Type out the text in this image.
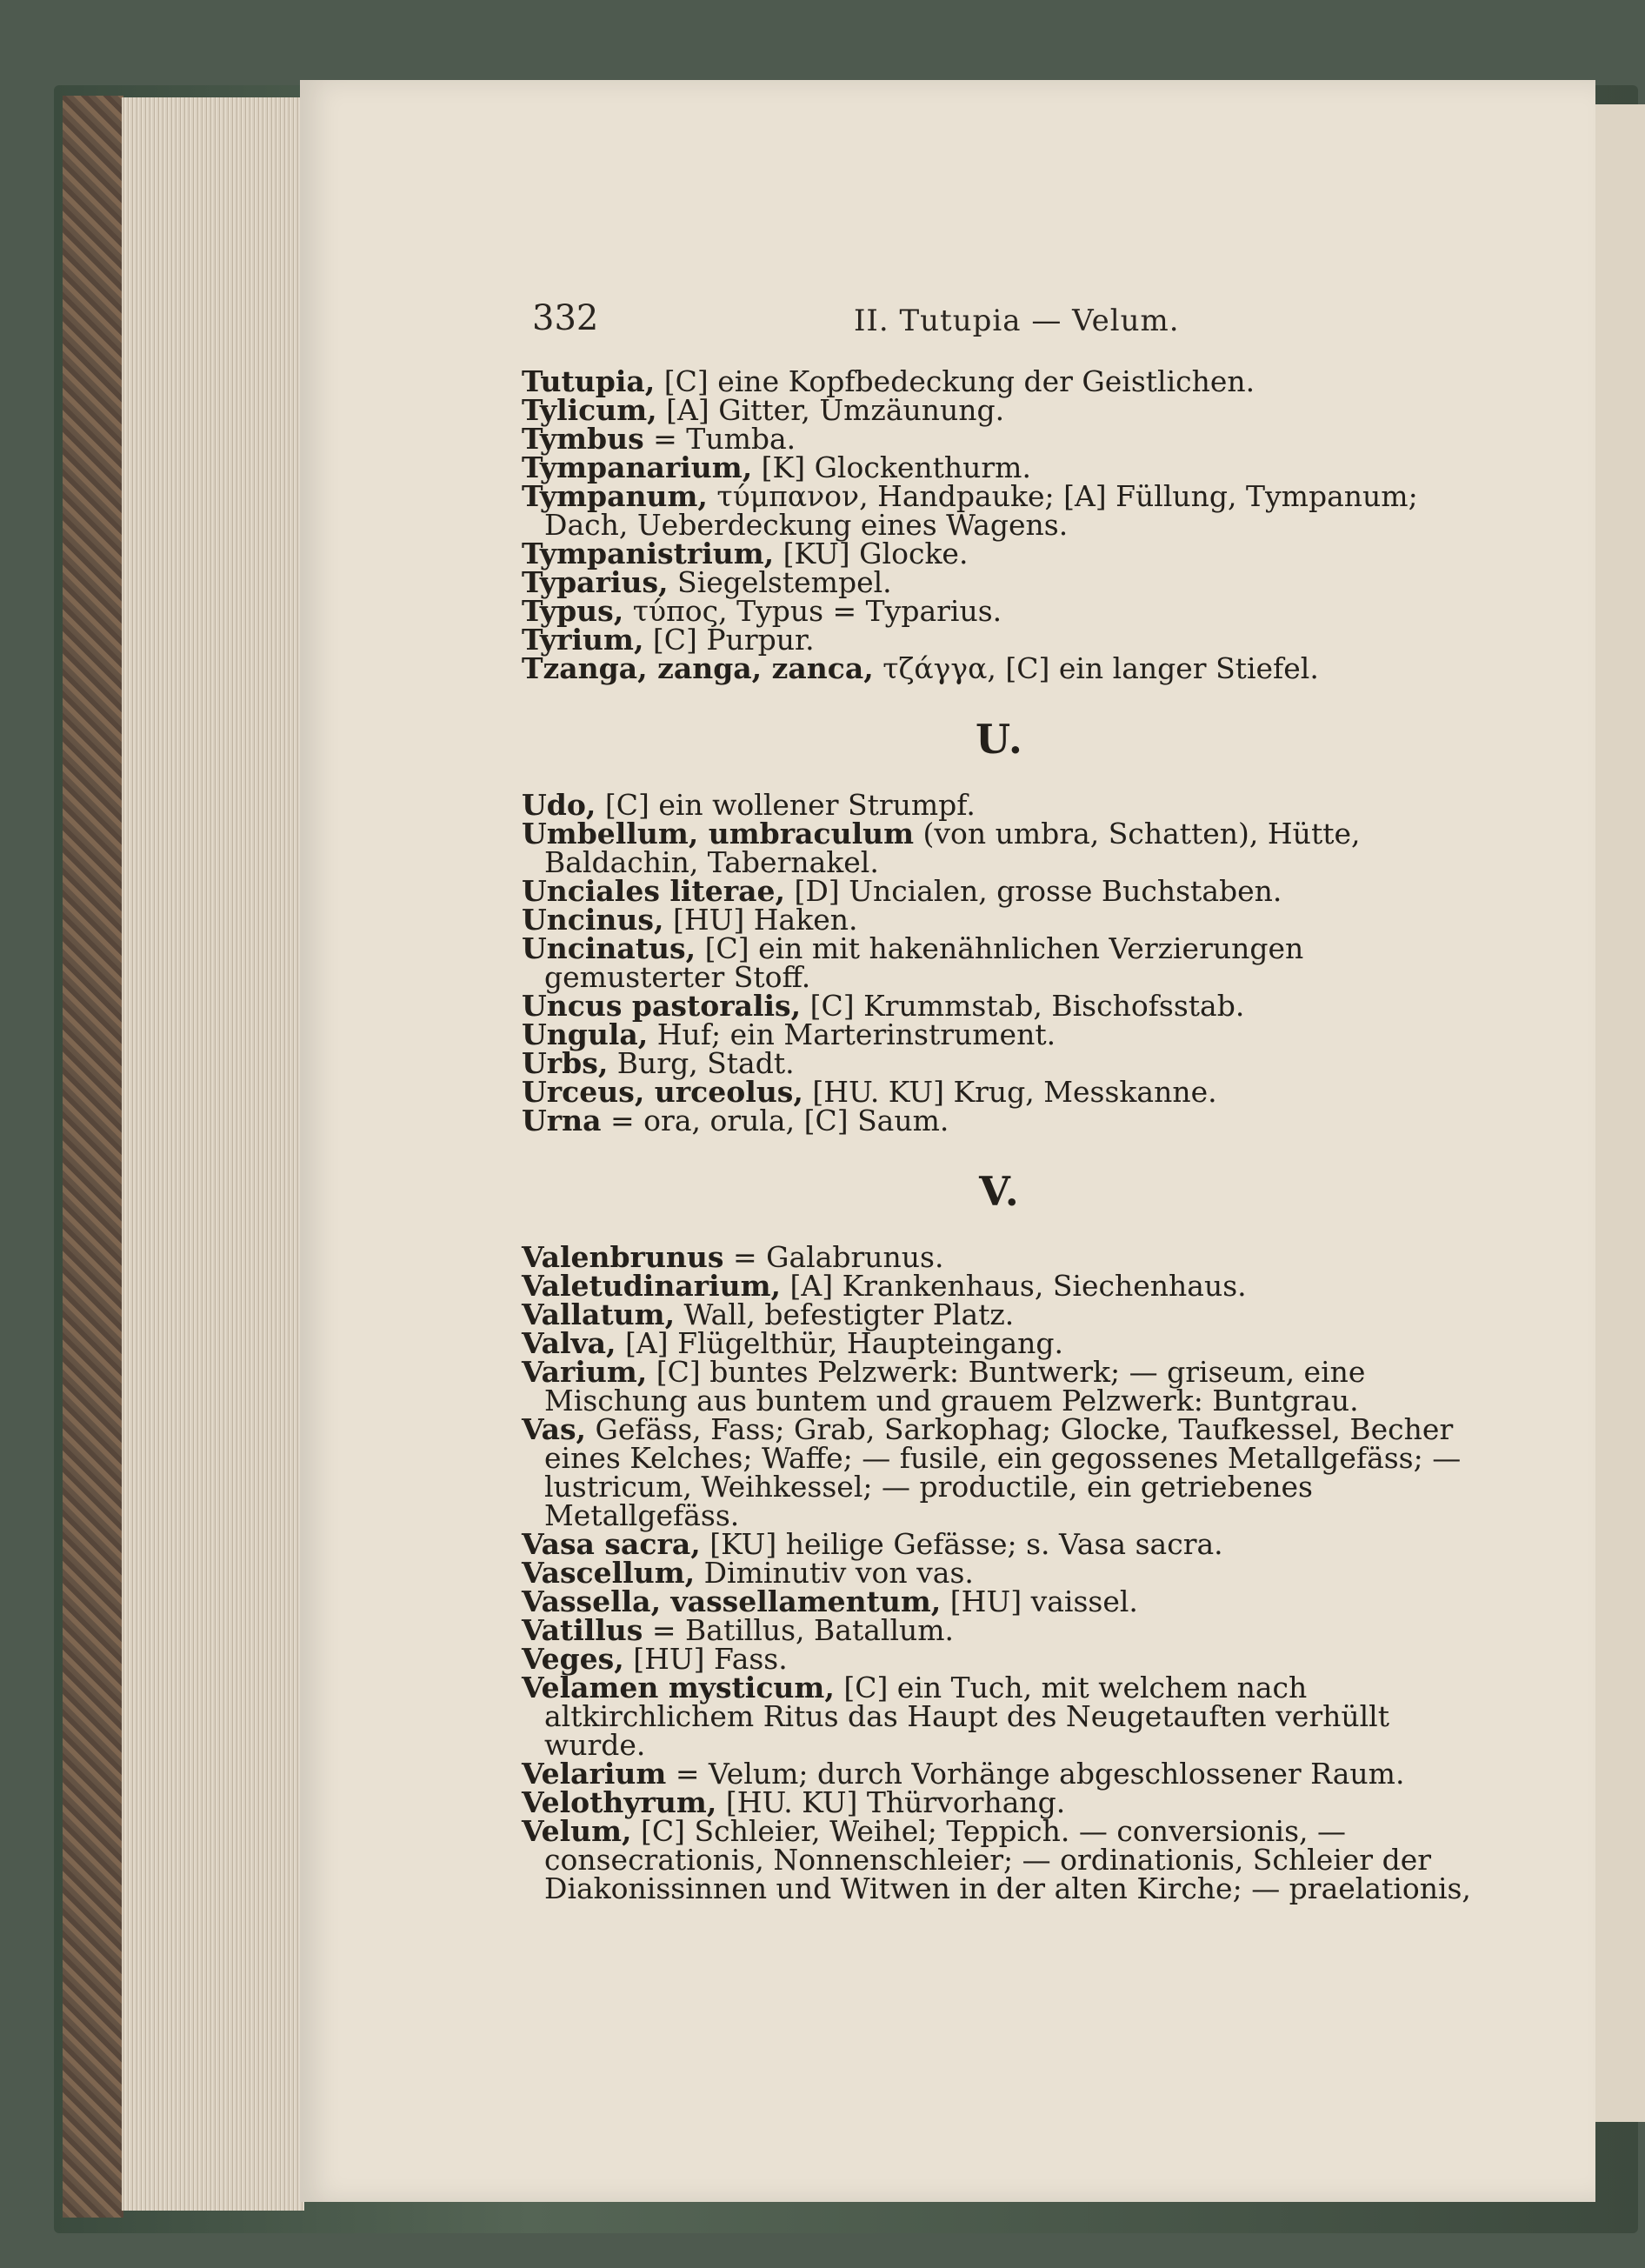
332	II. Tutupia — Velum.

Tutupia, [C] eine Kopfbedeckung der Geistlichen.

Tylicum, [A] Gitter, Umzäunung.

Tymbus = Tumba.

Tympanarium, [K] Glockenthurm.

Tympanum, τύμπανον, Handpauke; [A] Füllung, Tympanum; Dach, Ueberdeckung eines Wagens.

Tympanistrium, [KU] Glocke.

Typarius, Siegelstempel.

Typus, τύπος, Typus = Typarius.

Tyrium, [C] Purpur.

Tzanga, zanga, zanca, τζάγγα, [C] ein langer Stiefel.

U.

Udo, [C] ein wollener Strumpf.

Umbellum, umbraculum (von umbra, Schatten), Hütte, Baldachin, Tabernakel.

Unciales literae, [D] Uncialen, grosse Buchstaben.

Uncinus, [HU] Haken.

Uncinatus, [C] ein mit hakenähnlichen Verzierungen gemusterter Stoff.

Uncus pastoralis, [C] Krummstab, Bischofsstab.

Ungula, Huf; ein Marterinstrument.

Urbs, Burg, Stadt.

Urceus, urceolus, [HU. KU] Krug, Messkanne.

Urna = ora, orula, [C] Saum.

V.

Valenbrunus = Galabrunus.

Valetudinarium, [A] Krankenhaus, Siechenhaus.

Vallatum, Wall, befestigter Platz.

Valva, [A] Flügelthür, Haupteingang.

Varium, [C] buntes Pelzwerk: Buntwerk; — griseum, eine Mischung aus buntem und grauem Pelzwerk: Buntgrau.

Vas, Gefäss, Fass; Grab, Sarkophag; Glocke, Taufkessel, Becher eines Kelches; Waffe; — fusile, ein gegossenes Metallgefäss; — lustricum, Weihkessel; — productile, ein getriebenes Metallgefäss.

Vasa sacra, [KU] heilige Gefässe; s. Vasa sacra.

Vascellum, Diminutiv von vas.

Vassella, vassellamentum, [HU] vaissel.

Vatillus = Batillus, Batallum.

Veges, [HU] Fass.

Velamen mysticum, [C] ein Tuch, mit welchem nach altkirchlichem Ritus das Haupt des Neugetauften verhüllt wurde.

Velarium = Velum; durch Vorhänge abgeschlossener Raum.

Velothyrum, [HU. KU] Thürvorhang.

Velum, [C] Schleier, Weihel; Teppich. — conversionis, — consecrationis, Nonnenschleier; — ordinationis, Schleier der Diakonissinnen und Witwen in der alten Kirche; — praelationis,
